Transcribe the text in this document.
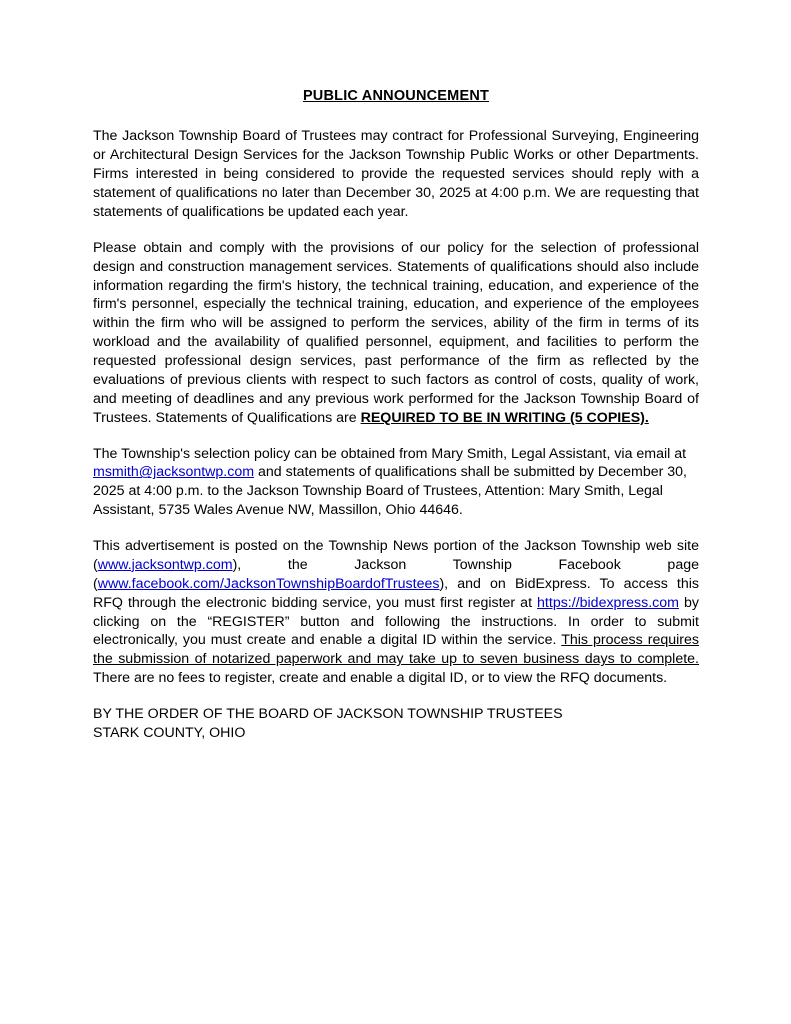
PUBLIC ANNOUNCEMENT

The Jackson Township Board of Trustees may contract for Professional Surveying, Engineering or Architectural Design Services for the Jackson Township Public Works or other Departments. Firms interested in being considered to provide the requested services should reply with a statement of qualifications no later than December 30, 2025 at 4:00 p.m. We are requesting that statements of qualifications be updated each year.

Please obtain and comply with the provisions of our policy for the selection of professional design and construction management services. Statements of qualifications should also include information regarding the firm's history, the technical training, education, and experience of the firm's personnel, especially the technical training, education, and experience of the employees within the firm who will be assigned to perform the services, ability of the firm in terms of its workload and the availability of qualified personnel, equipment, and facilities to perform the requested professional design services, past performance of the firm as reflected by the evaluations of previous clients with respect to such factors as control of costs, quality of work, and meeting of deadlines and any previous work performed for the Jackson Township Board of Trustees. Statements of Qualifications are REQUIRED TO BE IN WRITING (5 COPIES).

The Township's selection policy can be obtained from Mary Smith, Legal Assistant, via email at msmith@jacksontwp.com and statements of qualifications shall be submitted by December 30, 2025 at 4:00 p.m. to the Jackson Township Board of Trustees, Attention: Mary Smith, Legal Assistant, 5735 Wales Avenue NW, Massillon, Ohio 44646.

This advertisement is posted on the Township News portion of the Jackson Township web site (www.jacksontwp.com), the Jackson Township Facebook page (www.facebook.com/JacksonTownshipBoardofTrustees), and on BidExpress. To access this RFQ through the electronic bidding service, you must first register at https://bidexpress.com by clicking on the “REGISTER” button and following the instructions. In order to submit electronically, you must create and enable a digital ID within the service. This process requires the submission of notarized paperwork and may take up to seven business days to complete. There are no fees to register, create and enable a digital ID, or to view the RFQ documents.

BY THE ORDER OF THE BOARD OF JACKSON TOWNSHIP TRUSTEES
STARK COUNTY, OHIO
